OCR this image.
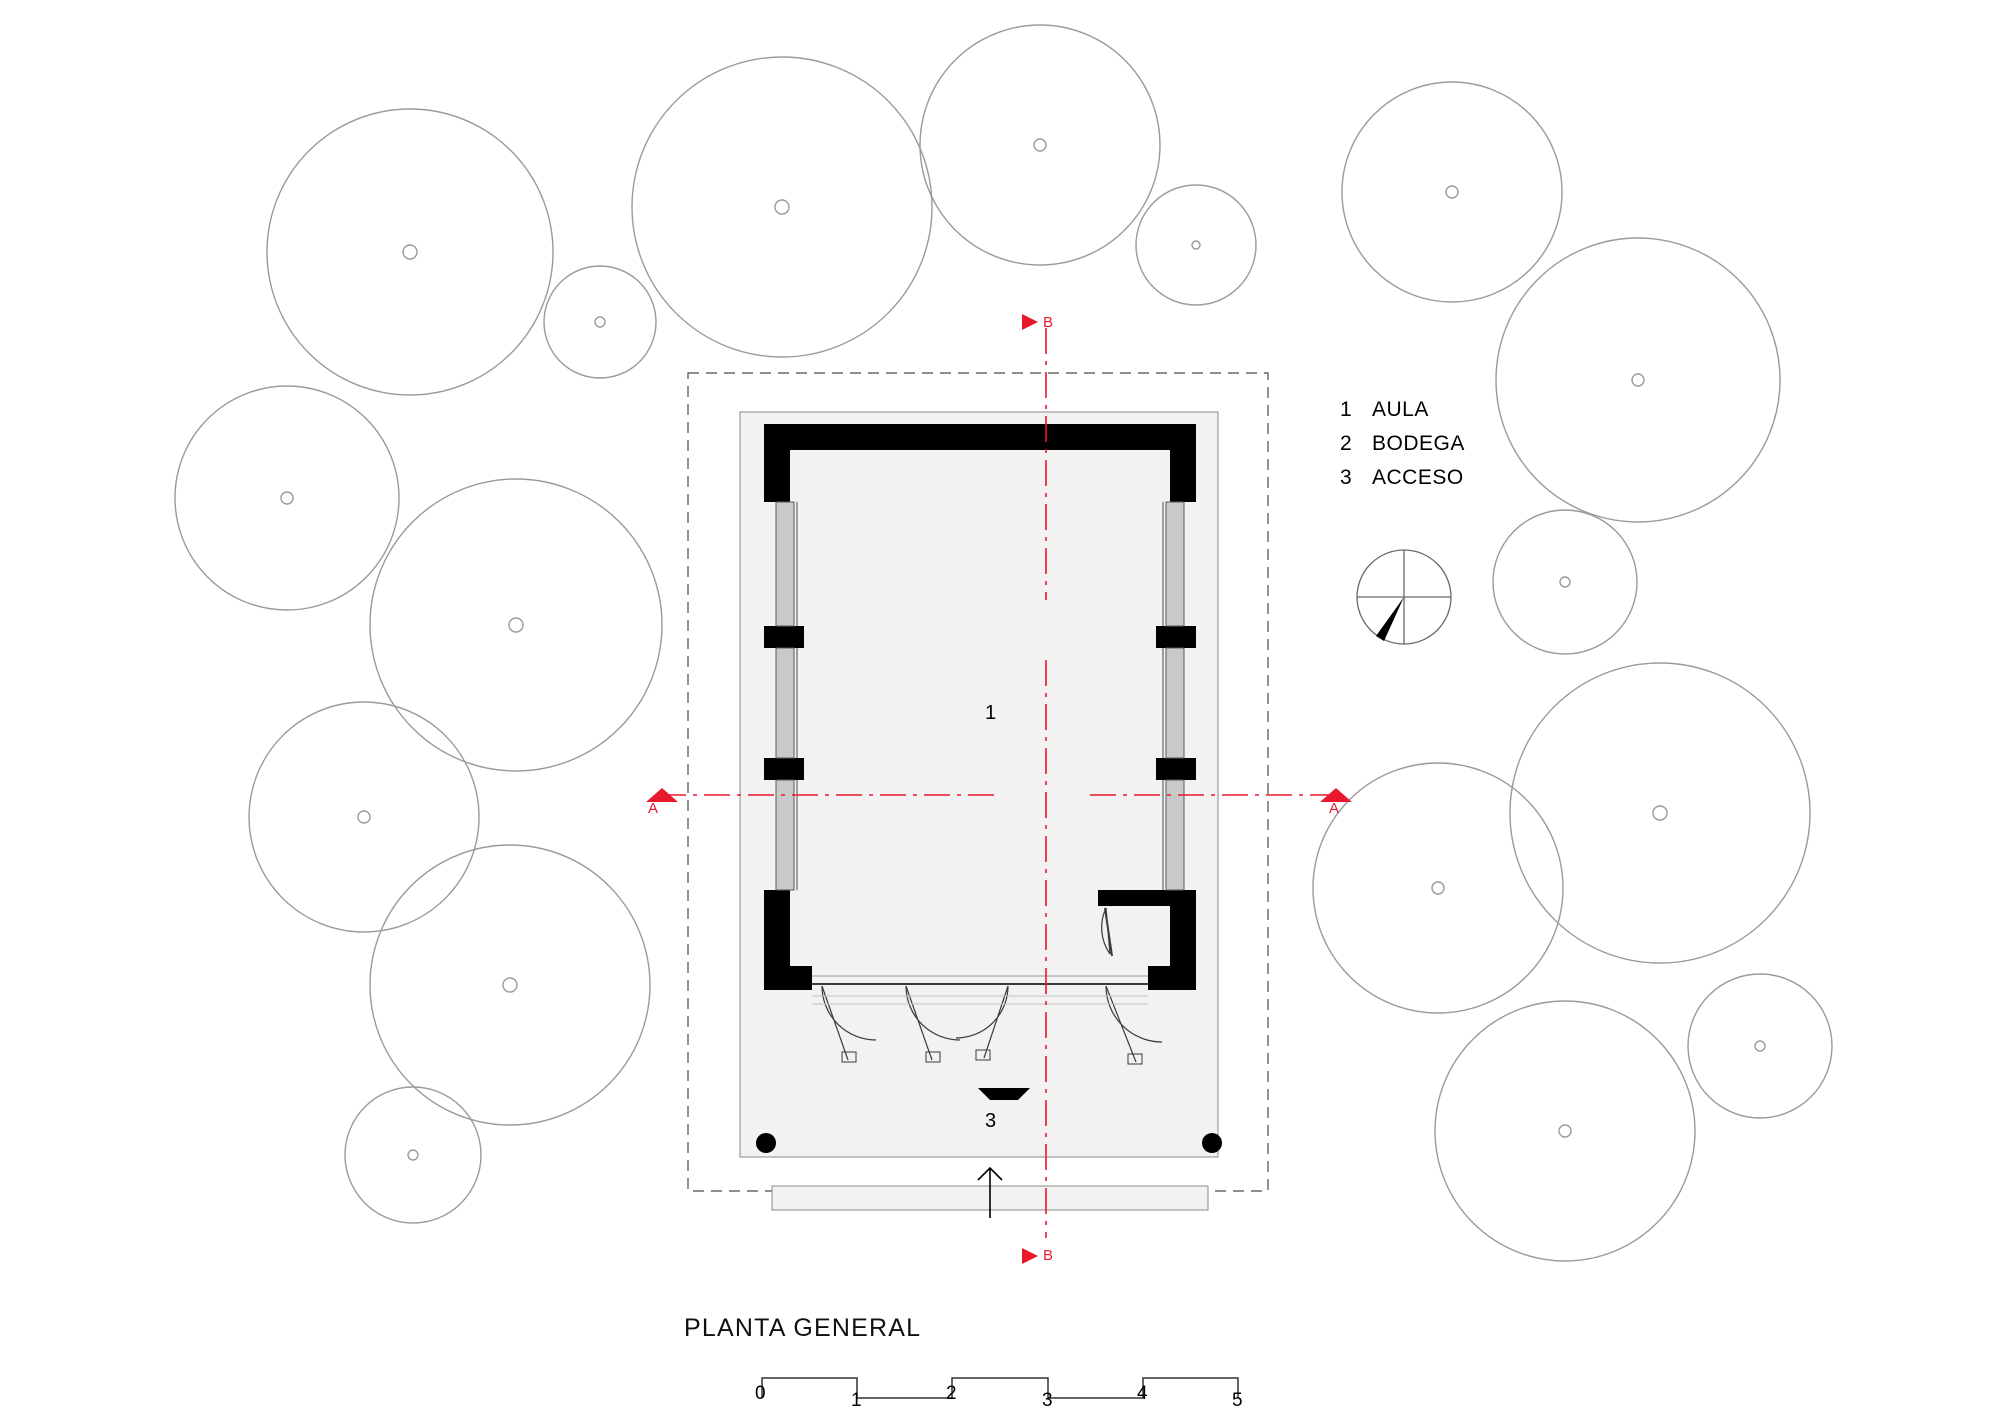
1 AULA
2 BODEGA
3 ACCESO
1
2
3
B
B
A	A
PLANTA GENERAL
0	1	2	3	4	5
